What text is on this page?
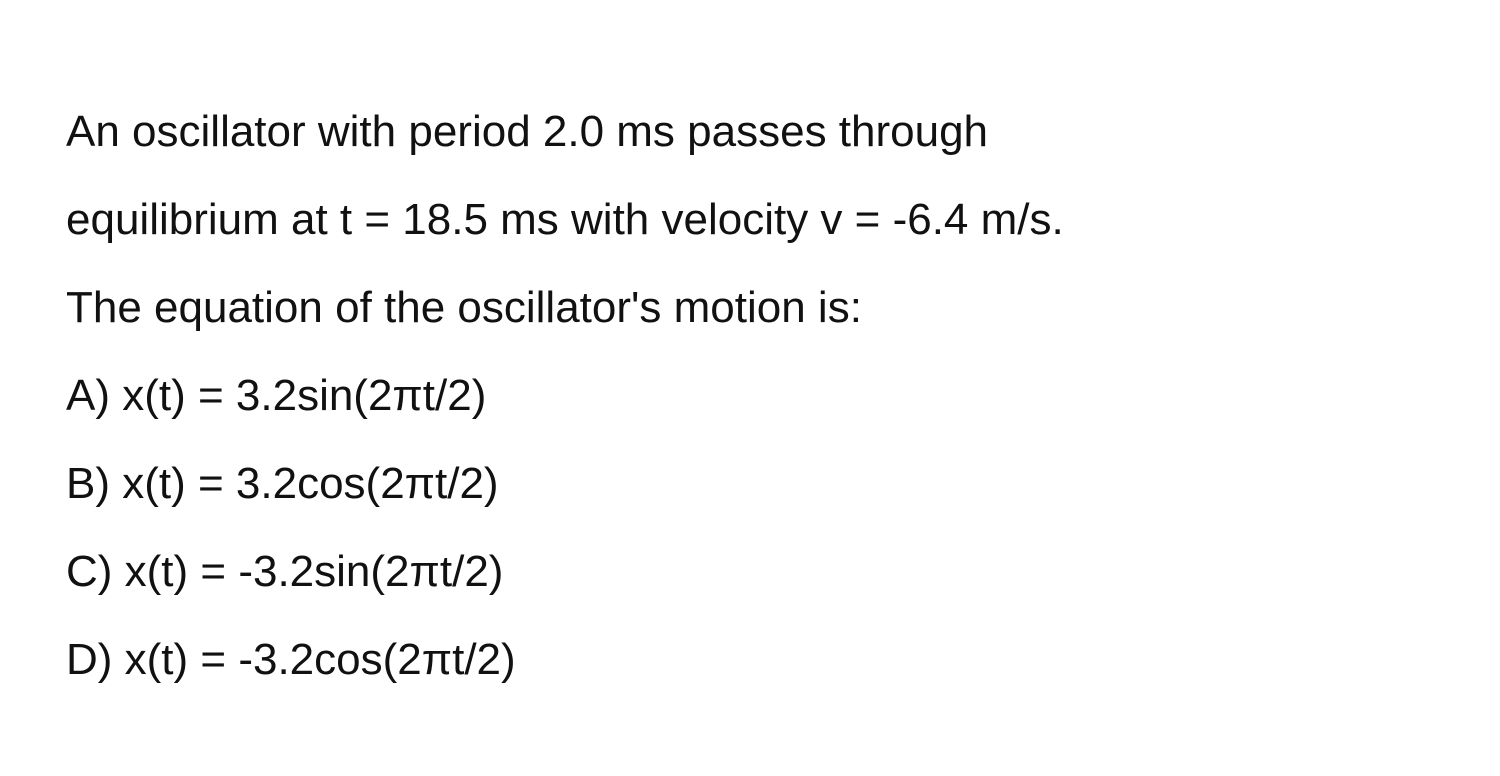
An oscillator with period 2.0 ms passes through
equilibrium at t = 18.5 ms with velocity v = -6.4 m/s.
The equation of the oscillator's motion is:
A) x(t) = 3.2sin(2πt/2)
B) x(t) = 3.2cos(2πt/2)
C) x(t) = -3.2sin(2πt/2)
D) x(t) = -3.2cos(2πt/2)
